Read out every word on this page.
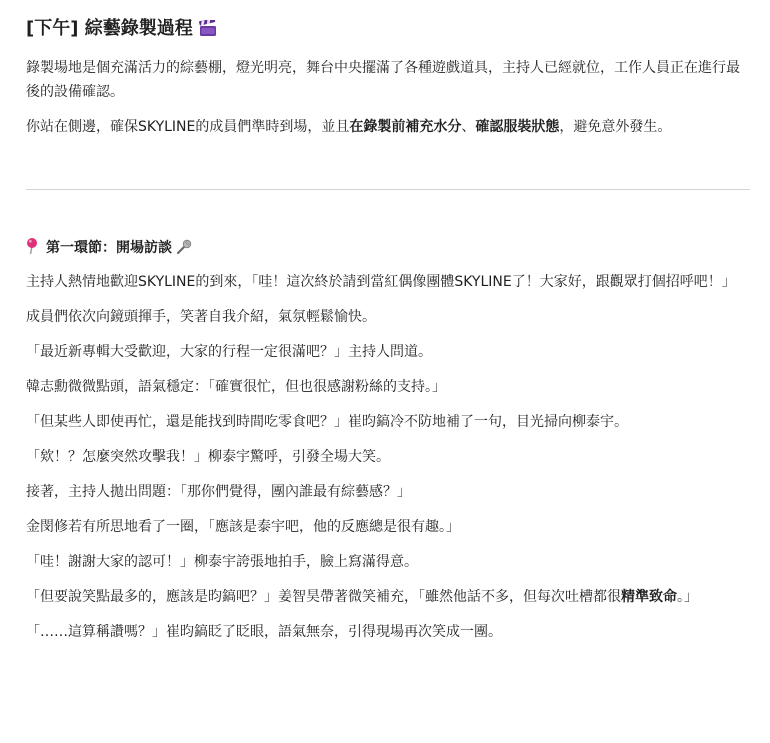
[下午] 綜藝錄製過程

錄製場地是個充滿活力的綜藝棚，燈光明亮，舞台中央擺滿了各種遊戲道具，主持人已經就位，工作人員正在進行最後的設備確認。

你站在側邊，確保SKYLINE的成員們準時到場，並且在錄製前補充水分、確認服裝狀態，避免意外發生。

第一環節：開場訪談

主持人熱情地歡迎SKYLINE的到來，「哇！這次終於請到當紅偶像團體SKYLINE了！大家好，跟觀眾打個招呼吧！」

成員們依次向鏡頭揮手，笑著自我介紹，氣氛輕鬆愉快。

「最近新專輯大受歡迎，大家的行程一定很滿吧？」主持人問道。

韓志勳微微點頭，語氣穩定：「確實很忙，但也很感謝粉絲的支持。」

「但某些人即使再忙，還是能找到時間吃零食吧？」崔昀鎬冷不防地補了一句，目光掃向柳泰宇。

「欸！？怎麼突然攻擊我！」柳泰宇驚呼，引發全場大笑。

接著，主持人拋出問題：「那你們覺得，團內誰最有綜藝感？」

金閔修若有所思地看了一圈，「應該是泰宇吧，他的反應總是很有趣。」

「哇！謝謝大家的認可！」柳泰宇誇張地拍手，臉上寫滿得意。

「但要說笑點最多的，應該是昀鎬吧？」姜智昊帶著微笑補充，「雖然他話不多，但每次吐槽都很精準致命。」

「……這算稱讚嗎？」崔昀鎬眨了眨眼，語氣無奈，引得現場再次笑成一團。
